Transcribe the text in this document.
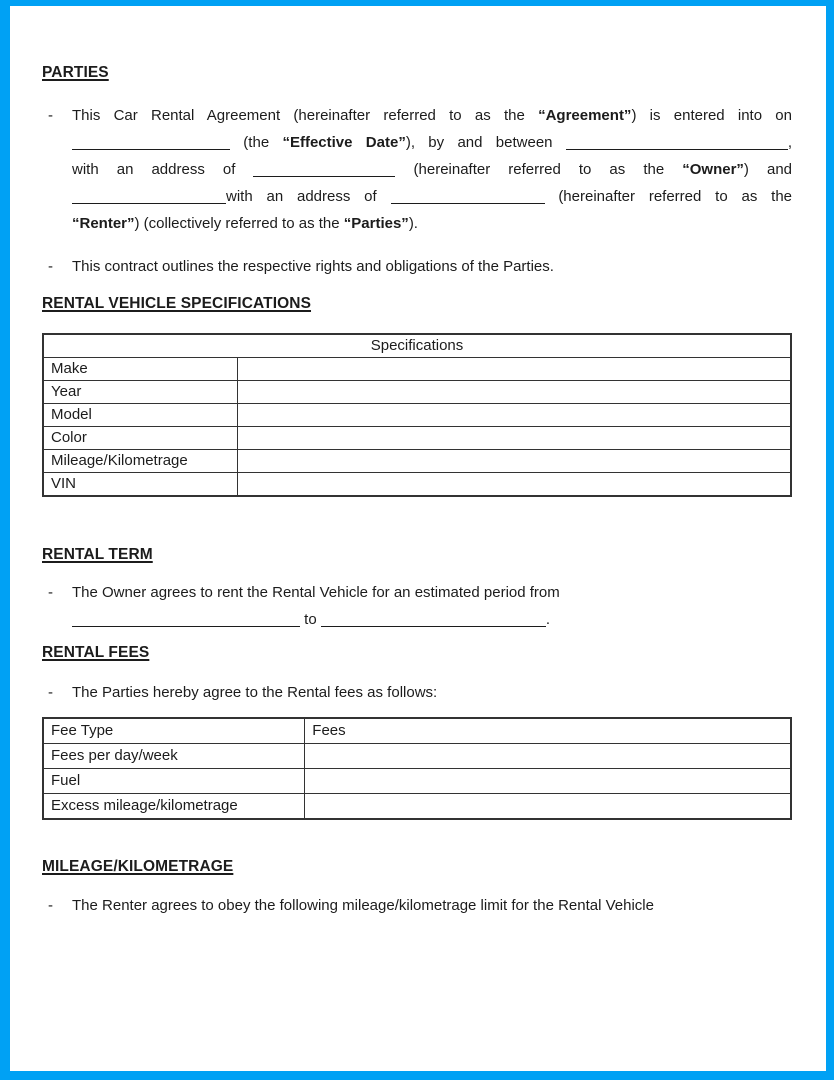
PARTIES
-	This Car Rental Agreement (hereinafter referred to as the “Agreement”) is entered into on
(the “Effective Date”), by and between	,
with an address of	(hereinafter referred to as the “Owner”) and
with an address of	(hereinafter referred to as the
“Renter”) (collectively referred to as the “Parties”).
-	This contract outlines the respective rights and obligations of the Parties.
RENTAL VEHICLE SPECIFICATIONS
Specifications	
Make	
Year	
Model	
Color	
Mileage/Kilometrage	
VIN	
RENTAL TERM
-	The Owner agrees to rent the Rental Vehicle for an estimated period from
to	.
RENTAL FEES
-	The Parties hereby agree to the Rental fees as follows:
Fee Type	Fees
Fees per day/week	
Fuel	
Excess mileage/kilometrage	
MILEAGE/KILOMETRAGE
-	The Renter agrees to obey the following mileage/kilometrage limit for the Rental Vehicle
